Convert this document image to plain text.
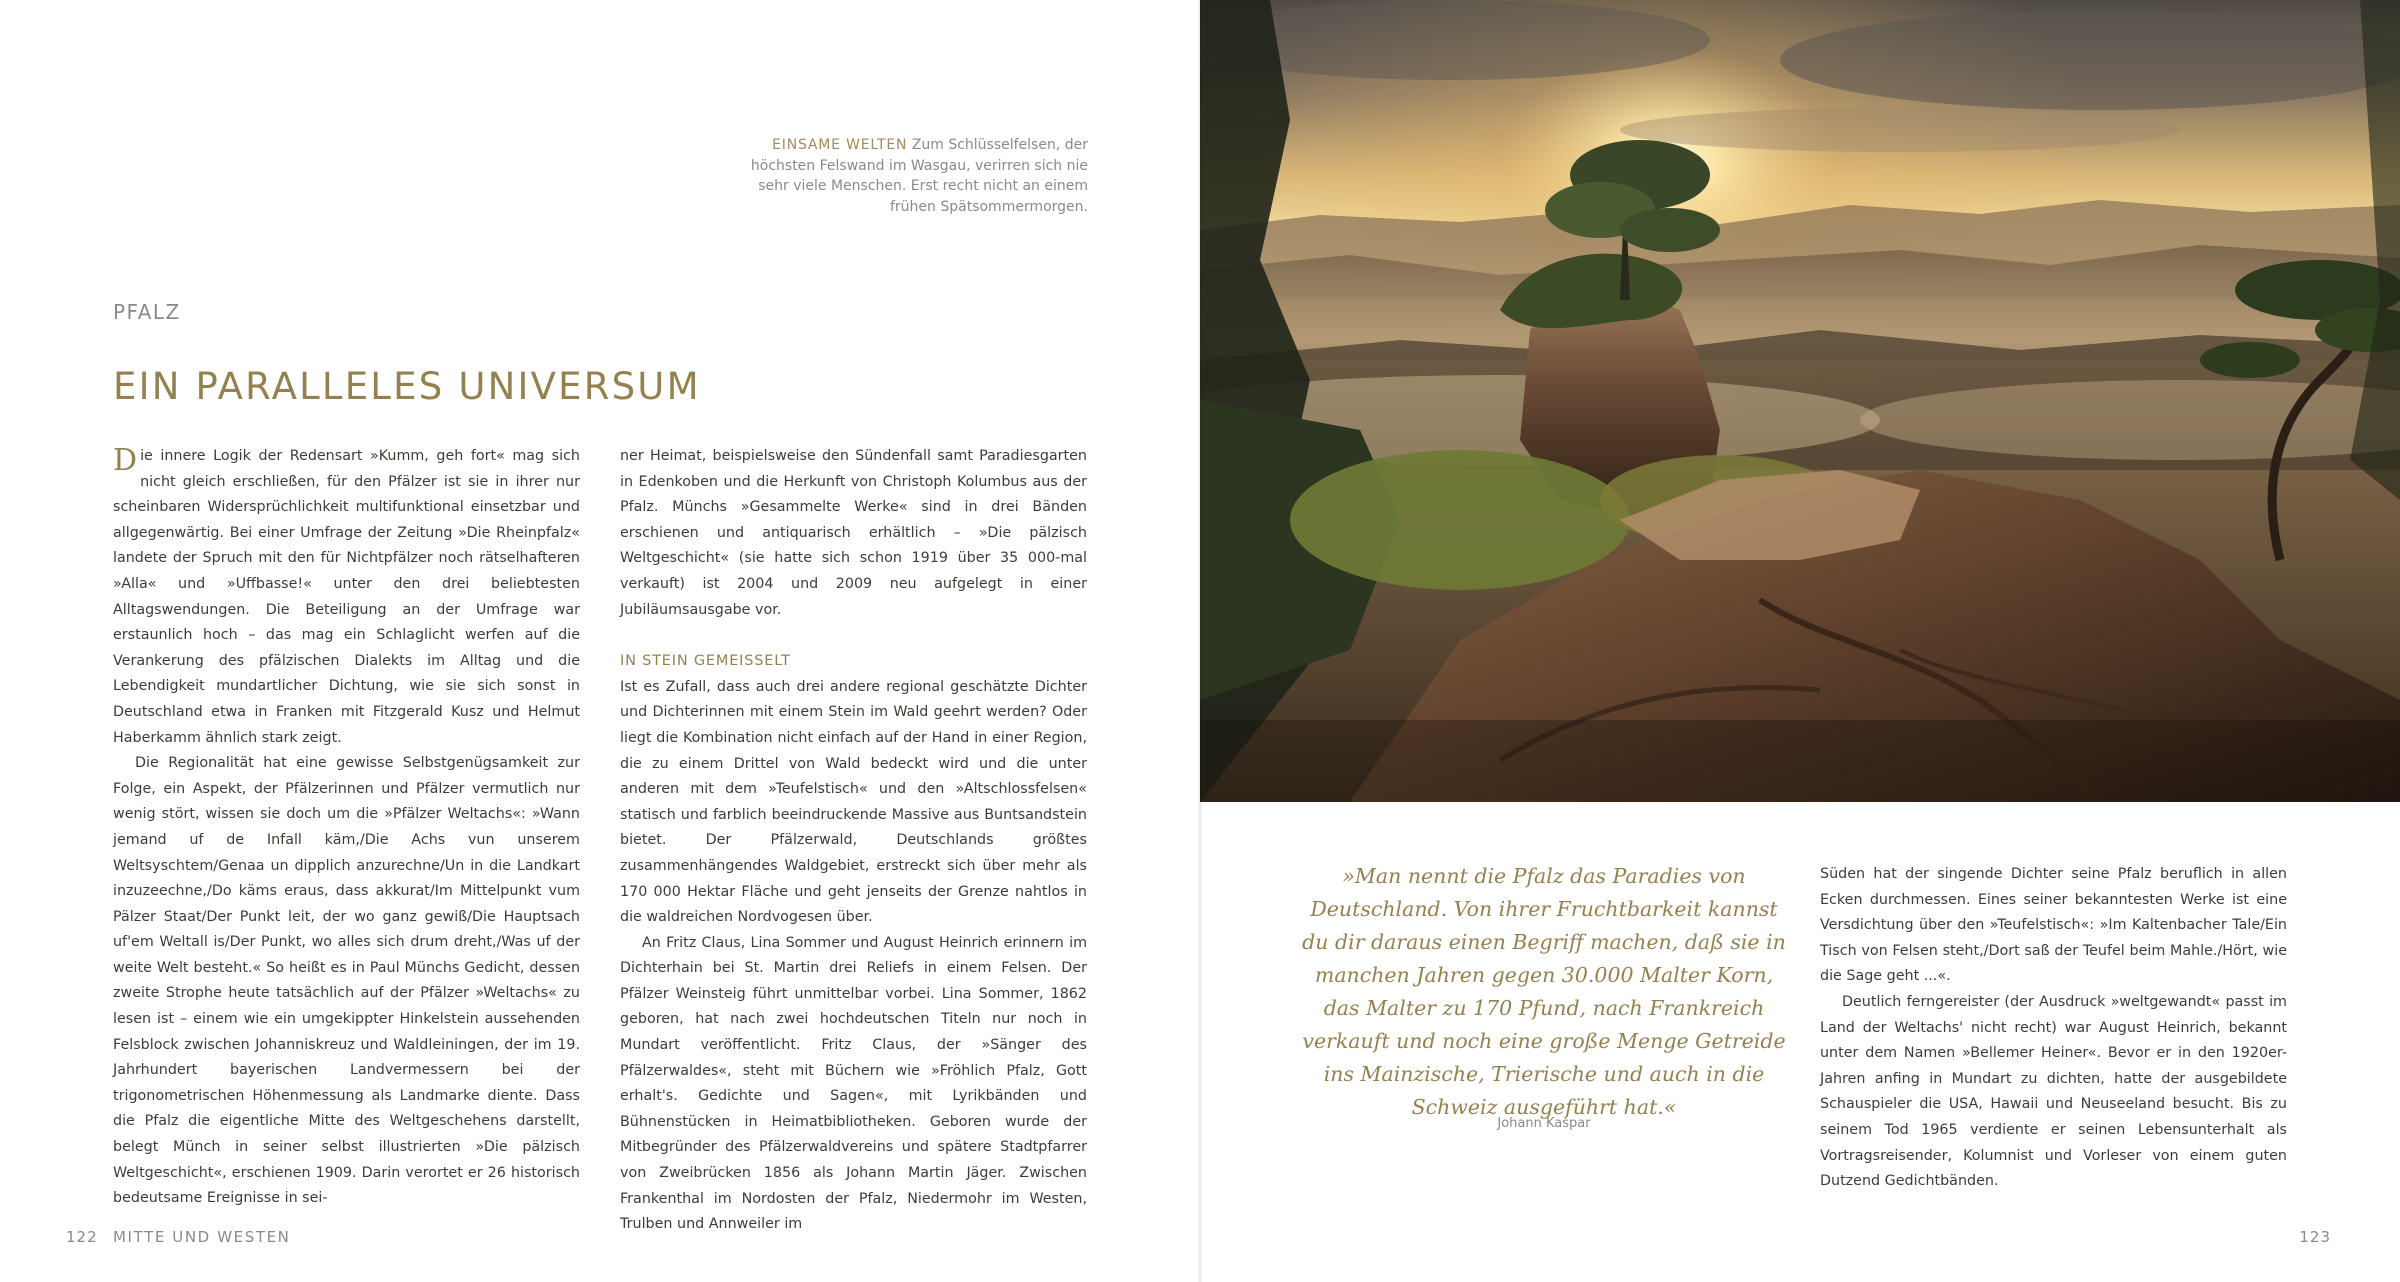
EINSAME WELTEN Zum Schlüsselfelsen, der höchsten Felswand im Wasgau, verirren sich nie sehr viele Menschen. Erst recht nicht an einem frühen Spätsommermorgen.
PFALZ
EIN PARALLELES UNIVERSUM

Die innere Logik der Redensart »Kumm, geh fort« mag sich nicht gleich erschließen, für den Pfälzer ist sie in ihrer nur scheinbaren Widersprüchlichkeit multifunktional einsetzbar und allgegenwärtig. Bei einer Umfrage der Zeitung »Die Rheinpfalz« landete der Spruch mit den für Nichtpfälzer noch rätselhafteren »Alla« und »Uffbasse!« unter den drei beliebtesten Alltagswendungen. Die Beteiligung an der Umfrage war erstaunlich hoch – das mag ein Schlaglicht werfen auf die Verankerung des pfälzischen Dialekts im Alltag und die Lebendigkeit mundartlicher Dichtung, wie sie sich sonst in Deutschland etwa in Franken mit Fitzgerald Kusz und Helmut Haberkamm ähnlich stark zeigt.

Die Regionalität hat eine gewisse Selbstgenügsamkeit zur Folge, ein Aspekt, der Pfälzerinnen und Pfälzer vermutlich nur wenig stört, wissen sie doch um die »Pfälzer Weltachs«: »Wann jemand uf de Infall käm,/Die Achs vun unserem Weltsyschtem/Genaa un dipplich anzurechne/Un in die Landkart inzuzeechne,/Do käms eraus, dass akkurat/Im Mittelpunkt vum Pälzer Staat/Der Punkt leit, der wo ganz gewiß/Die Hauptsach uf'em Weltall is/Der Punkt, wo alles sich drum dreht,/Was uf der weite Welt besteht.« So heißt es in Paul Münchs Gedicht, dessen zweite Strophe heute tatsächlich auf der Pfälzer »Weltachs« zu lesen ist – einem wie ein umgekippter Hinkelstein aussehenden Felsblock zwischen Johanniskreuz und Waldleiningen, der im 19. Jahrhundert bayerischen Landvermessern bei der trigonometrischen Höhenmessung als Landmarke diente. Dass die Pfalz die eigentliche Mitte des Weltgeschehens darstellt, belegt Münch in seiner selbst illustrierten »Die pälzisch Weltgeschicht«, erschienen 1909. Darin verortet er 26 historisch bedeutsame Ereignisse in sei-

ner Heimat, beispielsweise den Sündenfall samt Paradiesgarten in Edenkoben und die Herkunft von Christoph Kolumbus aus der Pfalz. Münchs »Gesammelte Werke« sind in drei Bänden erschienen und antiquarisch erhältlich – »Die pälzisch Weltgeschicht« (sie hatte sich schon 1919 über 35 000-mal verkauft) ist 2004 und 2009 neu aufgelegt in einer Jubiläumsausgabe vor.

IN STEIN GEMEISSELT

Ist es Zufall, dass auch drei andere regional geschätzte Dichter und Dichterinnen mit einem Stein im Wald geehrt werden? Oder liegt die Kombination nicht einfach auf der Hand in einer Region, die zu einem Drittel von Wald bedeckt wird und die unter anderen mit dem »Teufelstisch« und den »Altschlossfelsen« statisch und farblich beeindruckende Massive aus Buntsandstein bietet. Der Pfälzerwald, Deutschlands größtes zusammenhängendes Waldgebiet, erstreckt sich über mehr als 170 000 Hektar Fläche und geht jenseits der Grenze nahtlos in die waldreichen Nordvogesen über.

An Fritz Claus, Lina Sommer und August Heinrich erinnern im Dichterhain bei St. Martin drei Reliefs in einem Felsen. Der Pfälzer Weinsteig führt unmittelbar vorbei. Lina Sommer, 1862 geboren, hat nach zwei hochdeutschen Titeln nur noch in Mundart veröffentlicht. Fritz Claus, der »Sänger des Pfälzerwaldes«, steht mit Büchern wie »Fröhlich Pfalz, Gott erhalt's. Gedichte und Sagen«, mit Lyrikbänden und Bühnenstücken in Heimatbibliotheken. Geboren wurde der Mitbegründer des Pfälzerwaldvereins und spätere Stadtpfarrer von Zweibrücken 1856 als Johann Martin Jäger. Zwischen Frankenthal im Nordosten der Pfalz, Niedermohr im Westen, Trulben und Annweiler im

122 MITTE UND WESTEN
»Man nennt die Pfalz das Paradies von Deutschland. Von ihrer Fruchtbarkeit kannst du dir daraus einen Begriff machen, daß sie in manchen Jahren gegen 30.000 Malter Korn, das Malter zu 170 Pfund, nach Frankreich verkauft und noch eine große Menge Getreide ins Mainzische, Trierische und auch in die Schweiz ausgeführt hat.«
Johann Kaspar

Süden hat der singende Dichter seine Pfalz beruflich in allen Ecken durchmessen. Eines seiner bekanntesten Werke ist eine Versdichtung über den »Teufelstisch«: »Im Kaltenbacher Tale/Ein Tisch von Felsen steht,/Dort saß der Teufel beim Mahle./Hört, wie die Sage geht ...«.

Deutlich ferngereister (der Ausdruck »weltgewandt« passt im Land der Weltachs' nicht recht) war August Heinrich, bekannt unter dem Namen »Bellemer Heiner«. Bevor er in den 1920er-Jahren anfing in Mundart zu dichten, hatte der ausgebildete Schauspieler die USA, Hawaii und Neuseeland besucht. Bis zu seinem Tod 1965 verdiente er seinen Lebensunterhalt als Vortragsreisender, Kolumnist und Vorleser von einem guten Dutzend Gedichtbänden.

123
